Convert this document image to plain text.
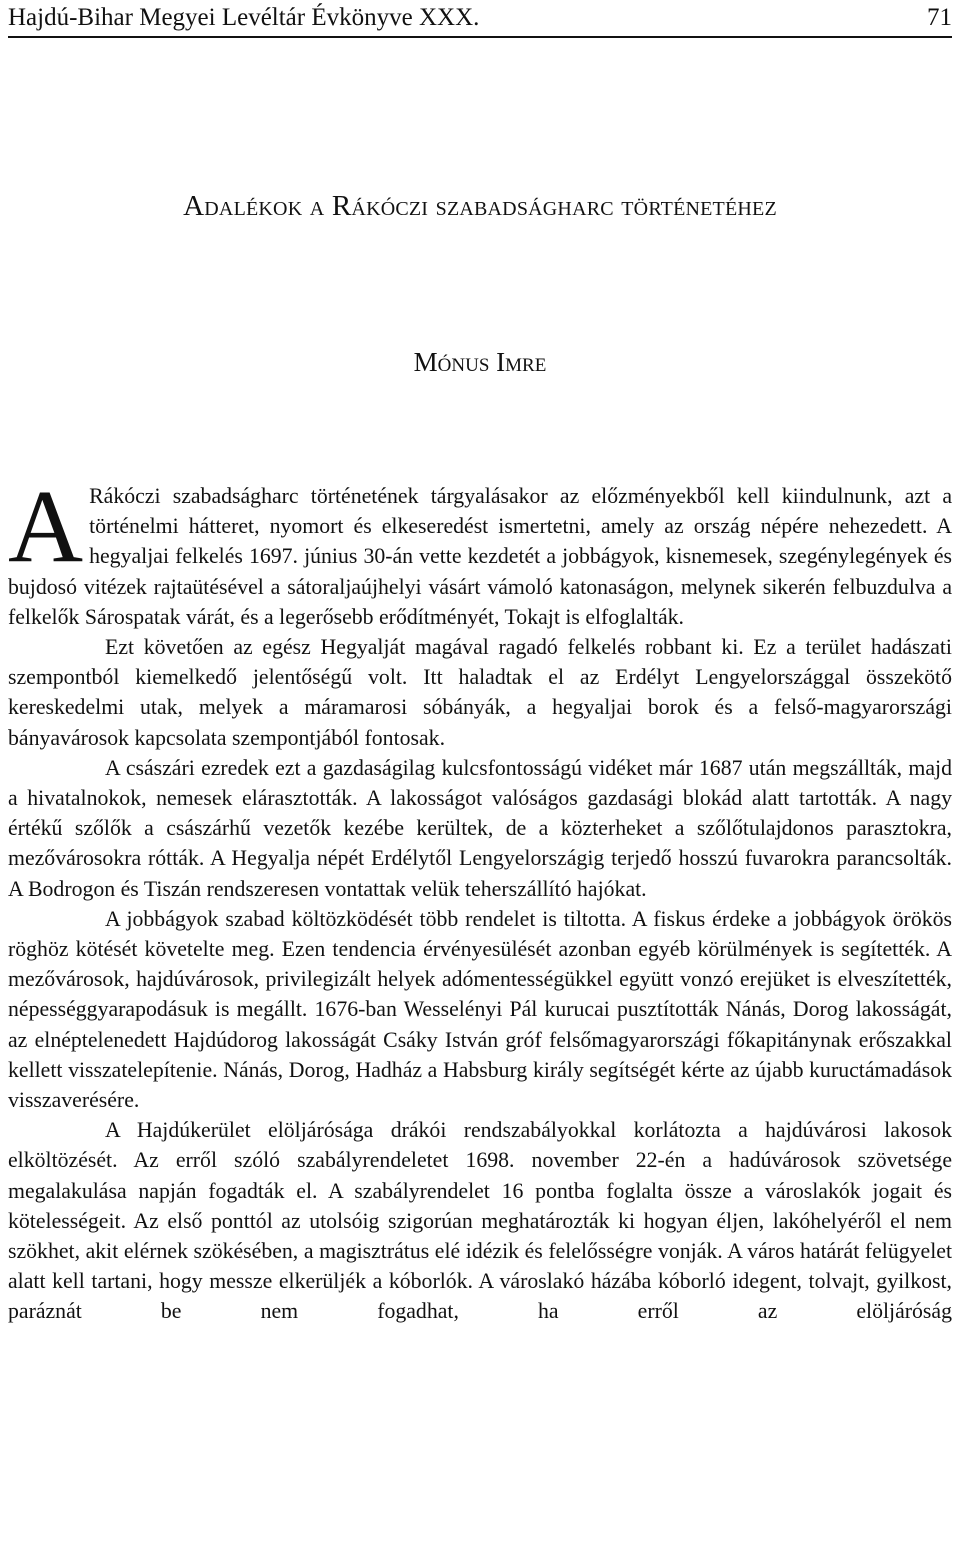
Hajdú-Bihar Megyei Levéltár Évkönyve XXX.	71
Adalékok a Rákóczi szabadságharc történetéhez
Mónus Imre

A Rákóczi szabadságharc történetének tárgyalásakor az előzményekből kell kiindulnunk, azt a történelmi hátteret, nyomort és elkeseredést ismertetni, amely az ország népére nehezedett. A hegyaljai felkelés 1697. június 30-án vette kezdetét a jobbágyok, kisnemesek, szegénylegények és bujdosó vitézek rajtaütésével a sátoraljaújhelyi vásárt vámoló katonaságon, melynek sikerén felbuzdulva a felkelők Sárospatak várát, és a legerősebb erődítményét, Tokajt is elfoglalták.

Ezt követően az egész Hegyalját magával ragadó felkelés robbant ki. Ez a terület hadászati szempontból kiemelkedő jelentőségű volt. Itt haladtak el az Erdélyt Lengyelországgal összekötő kereskedelmi utak, melyek a máramarosi sóbányák, a hegyaljai borok és a felső-magyarországi bányavárosok kapcsolata szempontjából fontosak.

A császári ezredek ezt a gazdaságilag kulcsfontosságú vidéket már 1687 után megszállták, majd a hivatalnokok, nemesek elárasztották. A lakosságot valóságos gazdasági blokád alatt tartották. A nagy értékű szőlők a császárhű vezetők kezébe kerültek, de a közterheket a szőlőtulajdonos parasztokra, mezővárosokra rótták. A Hegyalja népét Erdélytől Lengyelországig terjedő hosszú fuvarokra parancsolták. A Bodrogon és Tiszán rendszeresen vontattak velük teherszállító hajókat.

A jobbágyok szabad költözködését több rendelet is tiltotta. A fiskus érdeke a jobbágyok örökös röghöz kötését követelte meg. Ezen tendencia érvényesülését azonban egyéb körülmények is segítették. A mezővárosok, hajdúvárosok, privilegizált helyek adómentességükkel együtt vonzó erejüket is elveszítették, népességgyarapodásuk is megállt. 1676-ban Wesselényi Pál kurucai pusztították Nánás, Dorog lakosságát, az elnéptelenedett Hajdúdorog lakosságát Csáky István gróf felsőmagyarországi főkapitánynak erőszakkal kellett visszatelepítenie. Nánás, Dorog, Hadház a Habsburg király segítségét kérte az újabb kuructámadások visszaverésére.

A Hajdúkerület elöljárósága drákói rendszabályokkal korlátozta a hajdúvárosi lakosok elköltözését. Az erről szóló szabályrendeletet 1698. november 22-én a hadúvárosok szövetsége megalakulása napján fogadták el. A szabályrendelet 16 pontba foglalta össze a városlakók jogait és kötelességeit. Az első ponttól az utolsóig szigorúan meghatározták ki hogyan éljen, lakóhelyéről el nem szökhet, akit elérnek szökésében, a magisztrátus elé idézik és felelősségre vonják. A város határát felügyelet alatt kell tartani, hogy messze elkerüljék a kóborlók. A városlakó házába kóborló idegent, tolvajt, gyilkost, paráznát be nem fogadhat, ha erről az elöljáróság
